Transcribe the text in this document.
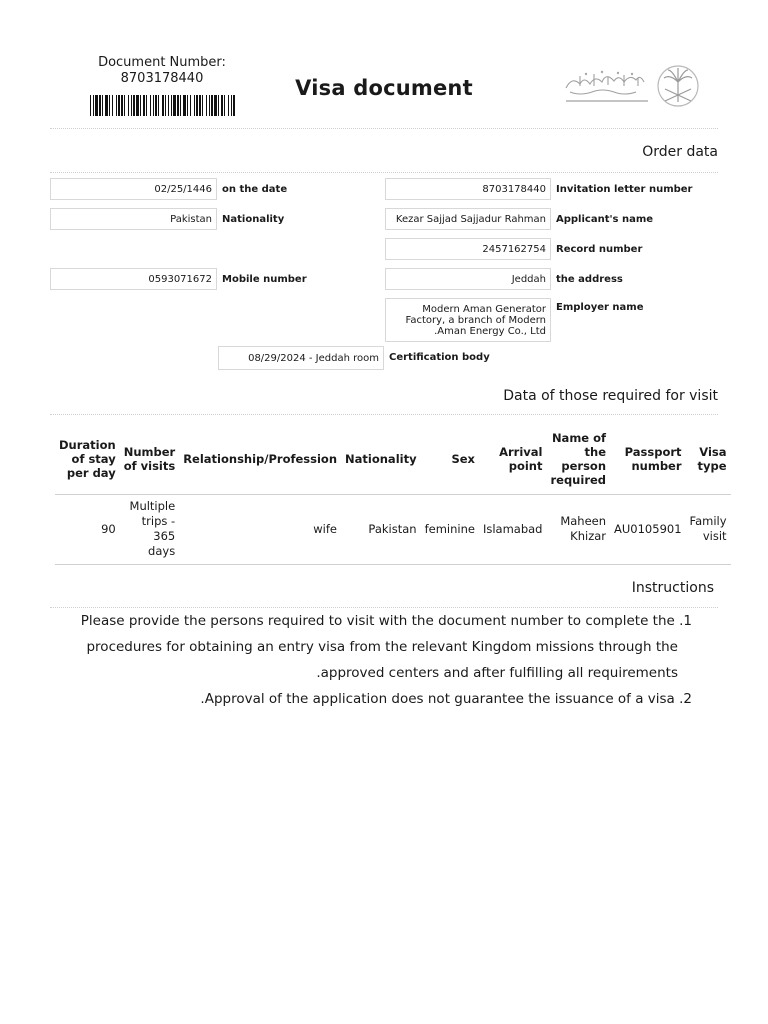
Document Number:
8703178440	Visa document
Order data
02/25/1446	on the date	8703178440	Invitation letter number
Pakistan	Nationality	Kezar Sajjad Sajjadur Rahman	Applicant's name
2457162754	Record number
0593071672	Mobile number	Jeddah	the address
Modern Aman Generator Factory, a branch of Modern .Aman Energy Co., Ltd
Employer name
08/29/2024 - Jeddah room	Certification body
Data of those required for visit
Duration of stay per day	Number of visits	Relationship/Profession	Nationality	Sex	Arrival point	Name of the person required	Passport number	Visa type
90	Multiple trips - 365 days	wife	Pakistan	feminine	Islamabad	Maheen Khizar	AU0105901	Family visit
Instructions
Please provide the persons required to visit with the document number to complete the .1
procedures for obtaining an entry visa from the relevant Kingdom missions through the
.approved centers and after fulfilling all requirements
.Approval of the application does not guarantee the issuance of a visa .2
